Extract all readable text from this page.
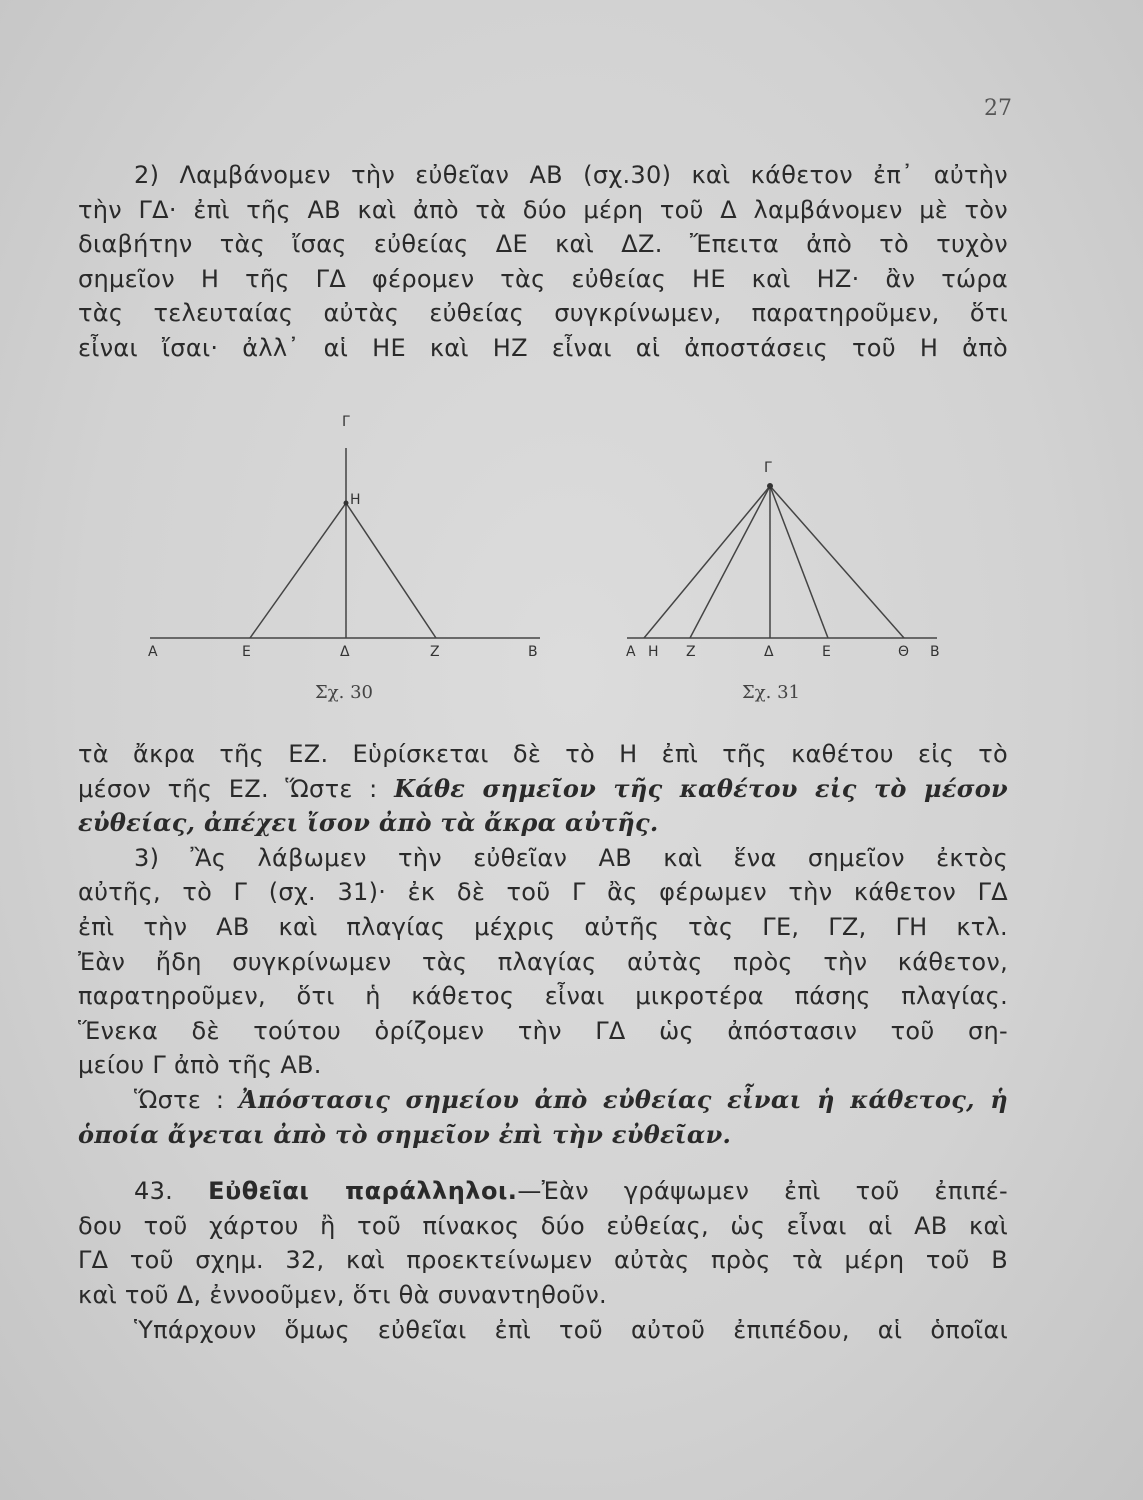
27

2) Λαμβάνομεν τὴν εὐθεῖαν ΑΒ (σχ.30) καὶ κάθετον ἐπ᾿ αὐτὴν

τὴν ΓΔ· ἐπὶ τῆς ΑΒ καὶ ἀπὸ τὰ δύο μέρη τοῦ Δ λαμβάνομεν μὲ τὸν

διαβήτην τὰς ἴσας εὐθείας ΔΕ καὶ ΔΖ. Ἔπειτα ἀπὸ τὸ τυχὸν

σημεῖον Η τῆς ΓΔ φέρομεν τὰς εὐθείας ΗΕ καὶ ΗΖ· ἂν τώρα

τὰς τελευταίας αὐτὰς εὐθείας συγκρίνωμεν, παρατηροῦμεν, ὅτι

εἶναι ἴσαι· ἀλλ᾿ αἱ ΗΕ καὶ ΗΖ εἶναι αἱ ἀποστάσεις τοῦ Η ἀπὸ

Γ
Η
Α	Ε	Δ	Ζ	Β
Σχ. 30
Γ
Α Η Ζ	Δ	Ε	Θ Β
Σχ. 31

τὰ ἄκρα τῆς ΕΖ. Εὑρίσκεται δὲ τὸ Η ἐπὶ τῆς καθέτου εἰς τὸ

μέσον τῆς ΕΖ. Ὥστε : Κάθε σημεῖον τῆς καθέτου εἰς τὸ μέσον

εὐθείας, ἀπέχει ἴσον ἀπὸ τὰ ἄκρα αὐτῆς.

3) Ἂς λάβωμεν τὴν εὐθεῖαν ΑΒ καὶ ἕνα σημεῖον ἐκτὸς

αὐτῆς, τὸ Γ (σχ. 31)· ἐκ δὲ τοῦ Γ ἂς φέρωμεν τὴν κάθετον ΓΔ

ἐπὶ τὴν ΑΒ καὶ πλαγίας μέχρις αὐτῆς τὰς ΓΕ, ΓΖ, ΓΗ κτλ.

Ἐὰν ἤδη συγκρίνωμεν τὰς πλαγίας αὐτὰς πρὸς τὴν κάθετον,

παρατηροῦμεν, ὅτι ἡ κάθετος εἶναι μικροτέρα πάσης πλαγίας.

Ἕνεκα δὲ τούτου ὁρίζομεν τὴν ΓΔ ὡς ἀπόστασιν τοῦ ση-

μείου Γ ἀπὸ τῆς ΑΒ.

Ὥστε : Ἀπόστασις σημείου ἀπὸ εὐθείας εἶναι ἡ κάθετος, ἡ

ὁποία ἄγεται ἀπὸ τὸ σημεῖον ἐπὶ τὴν εὐθεῖαν.

43. Εὐθεῖαι παράλληλοι.—Ἐὰν γράψωμεν ἐπὶ τοῦ ἐπιπέ-

δου τοῦ χάρτου ἢ τοῦ πίνακος δύο εὐθείας, ὡς εἶναι αἱ ΑΒ καὶ

ΓΔ τοῦ σχημ. 32, καὶ προεκτείνωμεν αὐτὰς πρὸς τὰ μέρη τοῦ Β

καὶ τοῦ Δ, ἐννοοῦμεν, ὅτι θὰ συναντηθοῦν.

Ὑπάρχουν ὅμως εὐθεῖαι ἐπὶ τοῦ αὐτοῦ ἐπιπέδου, αἱ ὁποῖαι
